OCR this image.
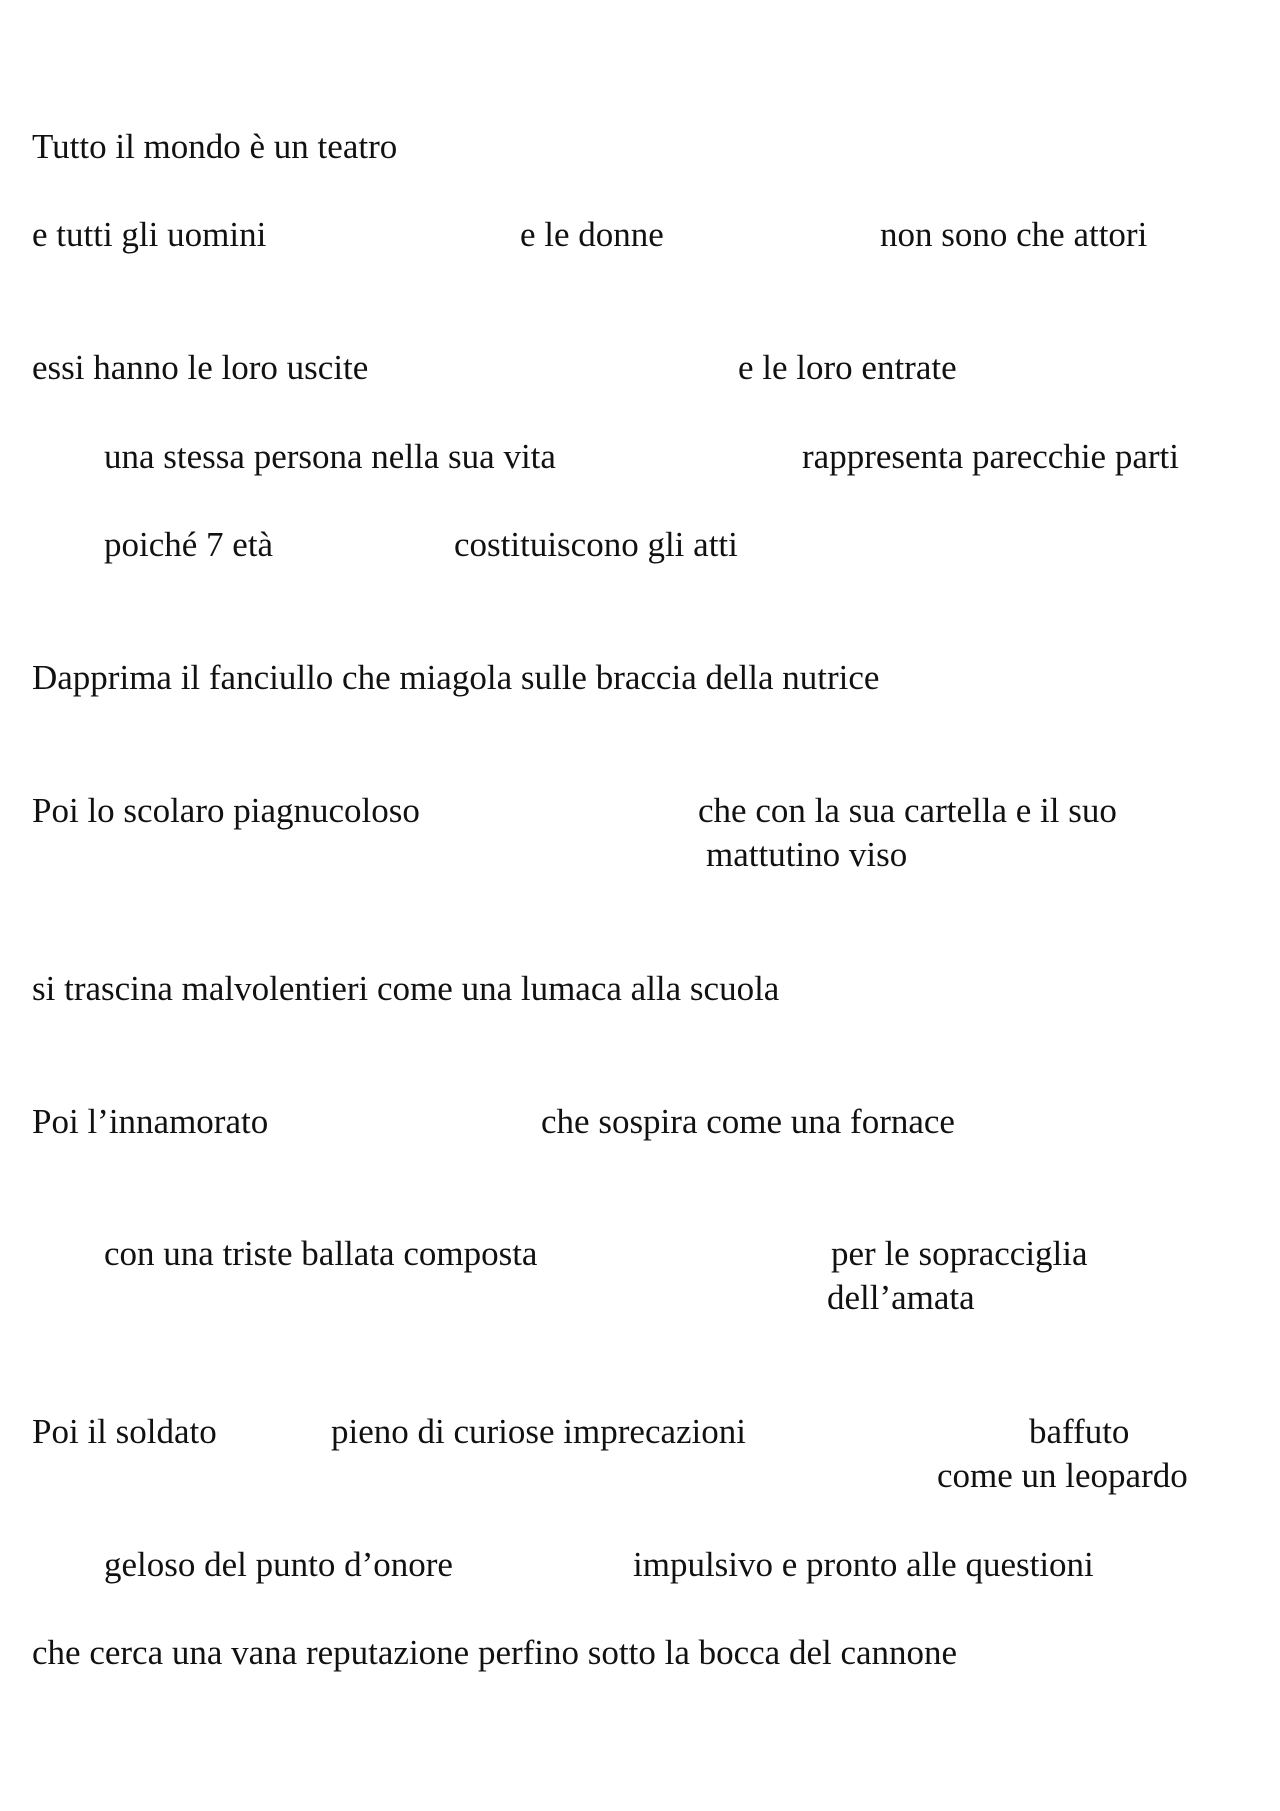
Tutto il mondo è un teatro
e tutti gli uomini	e le donne	non sono che attori
essi hanno le loro uscite	e le loro entrate
una stessa persona nella sua vita	rappresenta parecchie parti
poiché 7 età	costituiscono gli atti
Dapprima il fanciullo che miagola sulle braccia della nutrice
Poi lo scolaro piagnucoloso	che con la sua cartella e il suo
mattutino viso
si trascina malvolentieri come una lumaca alla scuola
Poi l’innamorato	che sospira come una fornace
con una triste ballata composta	per le sopracciglia
dell’amata
Poi il soldato	pieno di curiose imprecazioni	baffuto
come un leopardo
geloso del punto d’onore	impulsivo e pronto alle questioni
che cerca una vana reputazione perfino sotto la bocca del cannone
